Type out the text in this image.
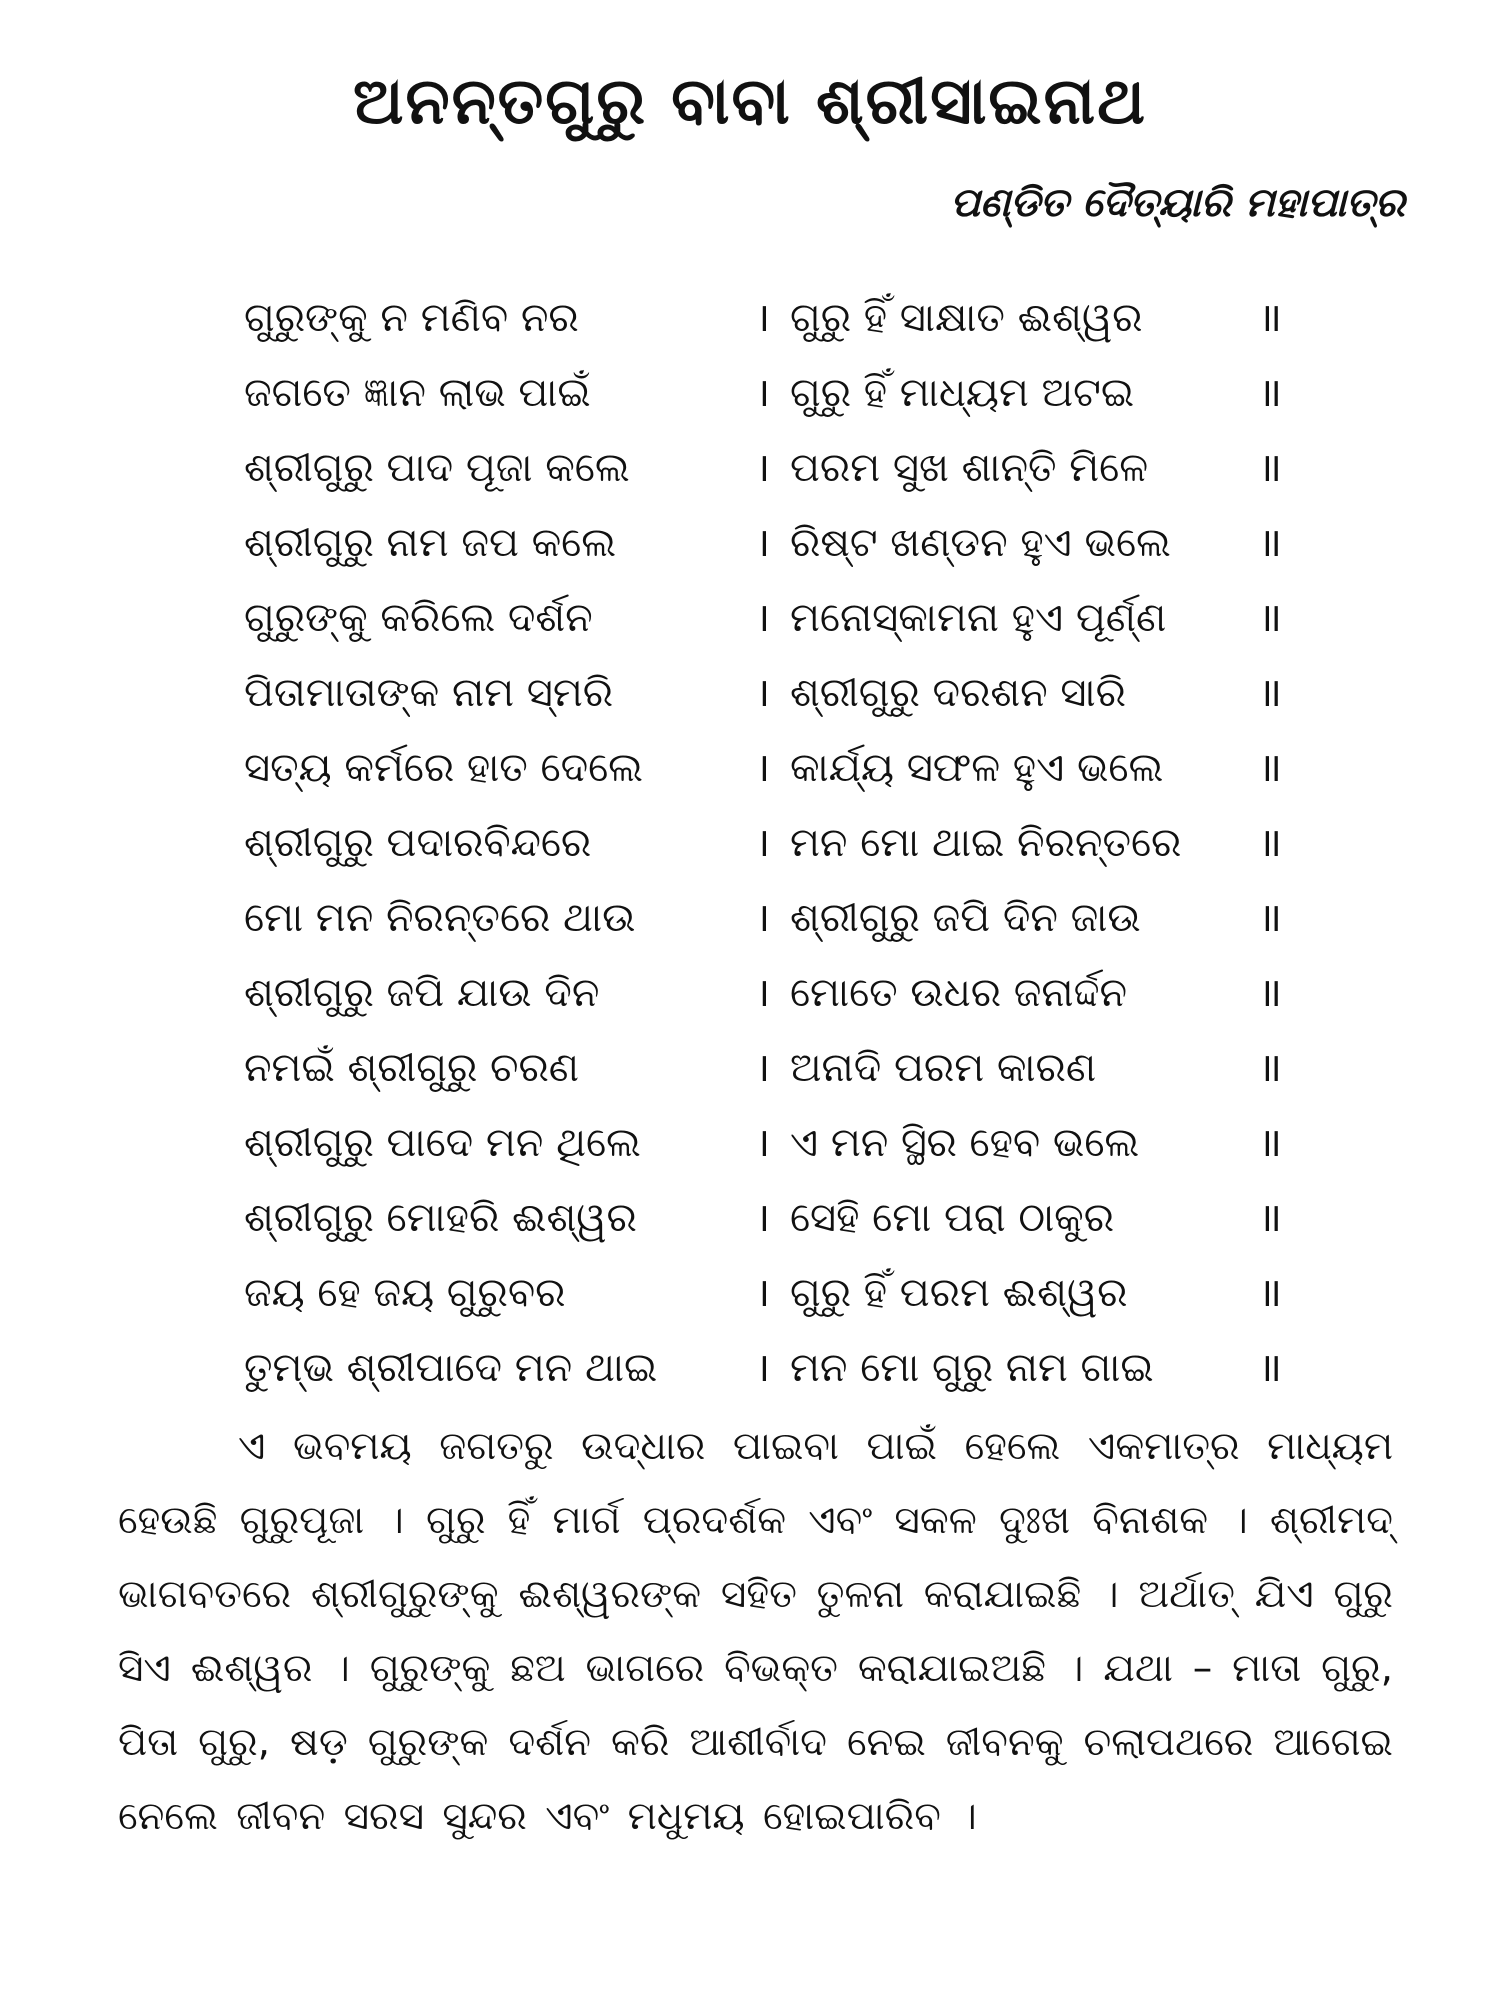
ଅନନ୍ତଗୁରୁ ବାବା ଶ୍ରୀସାଇନାଥ
ପଣ୍ଡିତ ଦୈତ୍ୟାରି ମହାପାତ୍ର
ଗୁରୁଙ୍କୁ ନ ମଣିବ ନର	। ଗୁରୁ ହିଁ ସାକ୍ଷାତ ଈଶ୍ୱର	॥
ଜଗତେ ଜ୍ଞାନ ଲାଭ ପାଇଁ	। ଗୁରୁ ହିଁ ମାଧ୍ୟମ ଅଟଇ	॥
ଶ୍ରୀଗୁରୁ ପାଦ ପୂଜା କଲେ	। ପରମ ସୁଖ ଶାନ୍ତି ମିଳେ	॥
ଶ୍ରୀଗୁରୁ ନାମ ଜପ କଲେ	। ରିଷ୍ଟ ଖଣ୍ଡନ ହୁଏ ଭଲେ ॥
ଗୁରୁଙ୍କୁ କରିଲେ ଦର୍ଶନ	। ମନୋସ୍କାମନା ହୁଏ ପୂର୍ଣ୍ଣ ॥
ପିତାମାତାଙ୍କ ନାମ ସ୍ମରି	। ଶ୍ରୀଗୁରୁ ଦରଶନ ସାରି	॥
ସତ୍ୟ କର୍ମରେ ହାତ ଦେଲେ	। କାର୍ଯ୍ୟ ସଫଳ ହୁଏ ଭଲେ ॥
ଶ୍ରୀଗୁରୁ ପଦାରବିନ୍ଦରେ	। ମନ ମୋ ଥାଇ ନିରନ୍ତରେ ॥
ମୋ ମନ ନିରନ୍ତରେ ଥାଉ	। ଶ୍ରୀଗୁରୁ ଜପି ଦିନ ଜାଉ	॥
ଶ୍ରୀଗୁରୁ ଜପି ଯାଉ ଦିନ	। ମୋତେ ଉଧର ଜନାର୍ଦ୍ଦନ	॥
ନମଇଁ ଶ୍ରୀଗୁରୁ ଚରଣ	। ଅନାଦି ପରମ କାରଣ	॥
ଶ୍ରୀଗୁରୁ ପାଦେ ମନ ଥିଲେ	। ଏ ମନ ସ୍ଥିର ହେବ ଭଲେ	॥
ଶ୍ରୀଗୁରୁ ମୋହରି ଈଶ୍ୱର	। ସେହି ମୋ ପରା ଠାକୁର	॥
ଜୟ ହେ ଜୟ ଗୁରୁବର	। ଗୁରୁ ହିଁ ପରମ ଈଶ୍ୱର	॥
ତୁମ୍ଭ ଶ୍ରୀପାଦେ ମନ ଥାଇ । ମନ ମୋ ଗୁରୁ ନାମ ଗାଇ	॥
ଏ ଭବମୟ ଜଗତରୁ ଉଦ୍ଧାର ପାଇବା ପାଇଁ ହେଲେ ଏକମାତ୍ର ମାଧ୍ୟମ ହେଉଛି ଗୁରୁପୂଜା । ଗୁରୁ ହିଁ ମାର୍ଗ ପ୍ରଦର୍ଶକ ଏବଂ ସକଳ ଦୁଃଖ ବିନାଶକ । ଶ୍ରୀମଦ୍ ଭାଗବତରେ ଶ୍ରୀଗୁରୁଙ୍କୁ ଈଶ୍ୱରଙ୍କ ସହିତ ତୁଳନା କରାଯାଇଛି । ଅର୍ଥାତ୍ ଯିଏ ଗୁରୁ ସିଏ ଈଶ୍ୱର । ଗୁରୁଙ୍କୁ ଛଅ ଭାଗରେ ବିଭକ୍ତ କରାଯାଇଅଛି । ଯଥା – ମାତା ଗୁରୁ, ପିତା ଗୁରୁ, ଷଡ଼ ଗୁରୁଙ୍କ ଦର୍ଶନ କରି ଆଶୀର୍ବାଦ ନେଇ ଜୀବନକୁ ଚଲାପଥରେ ଆଗେଇ ନେଲେ ଜୀବନ ସରସ ସୁନ୍ଦର ଏବଂ ମଧୁମୟ ହୋଇପାରିବ ।
